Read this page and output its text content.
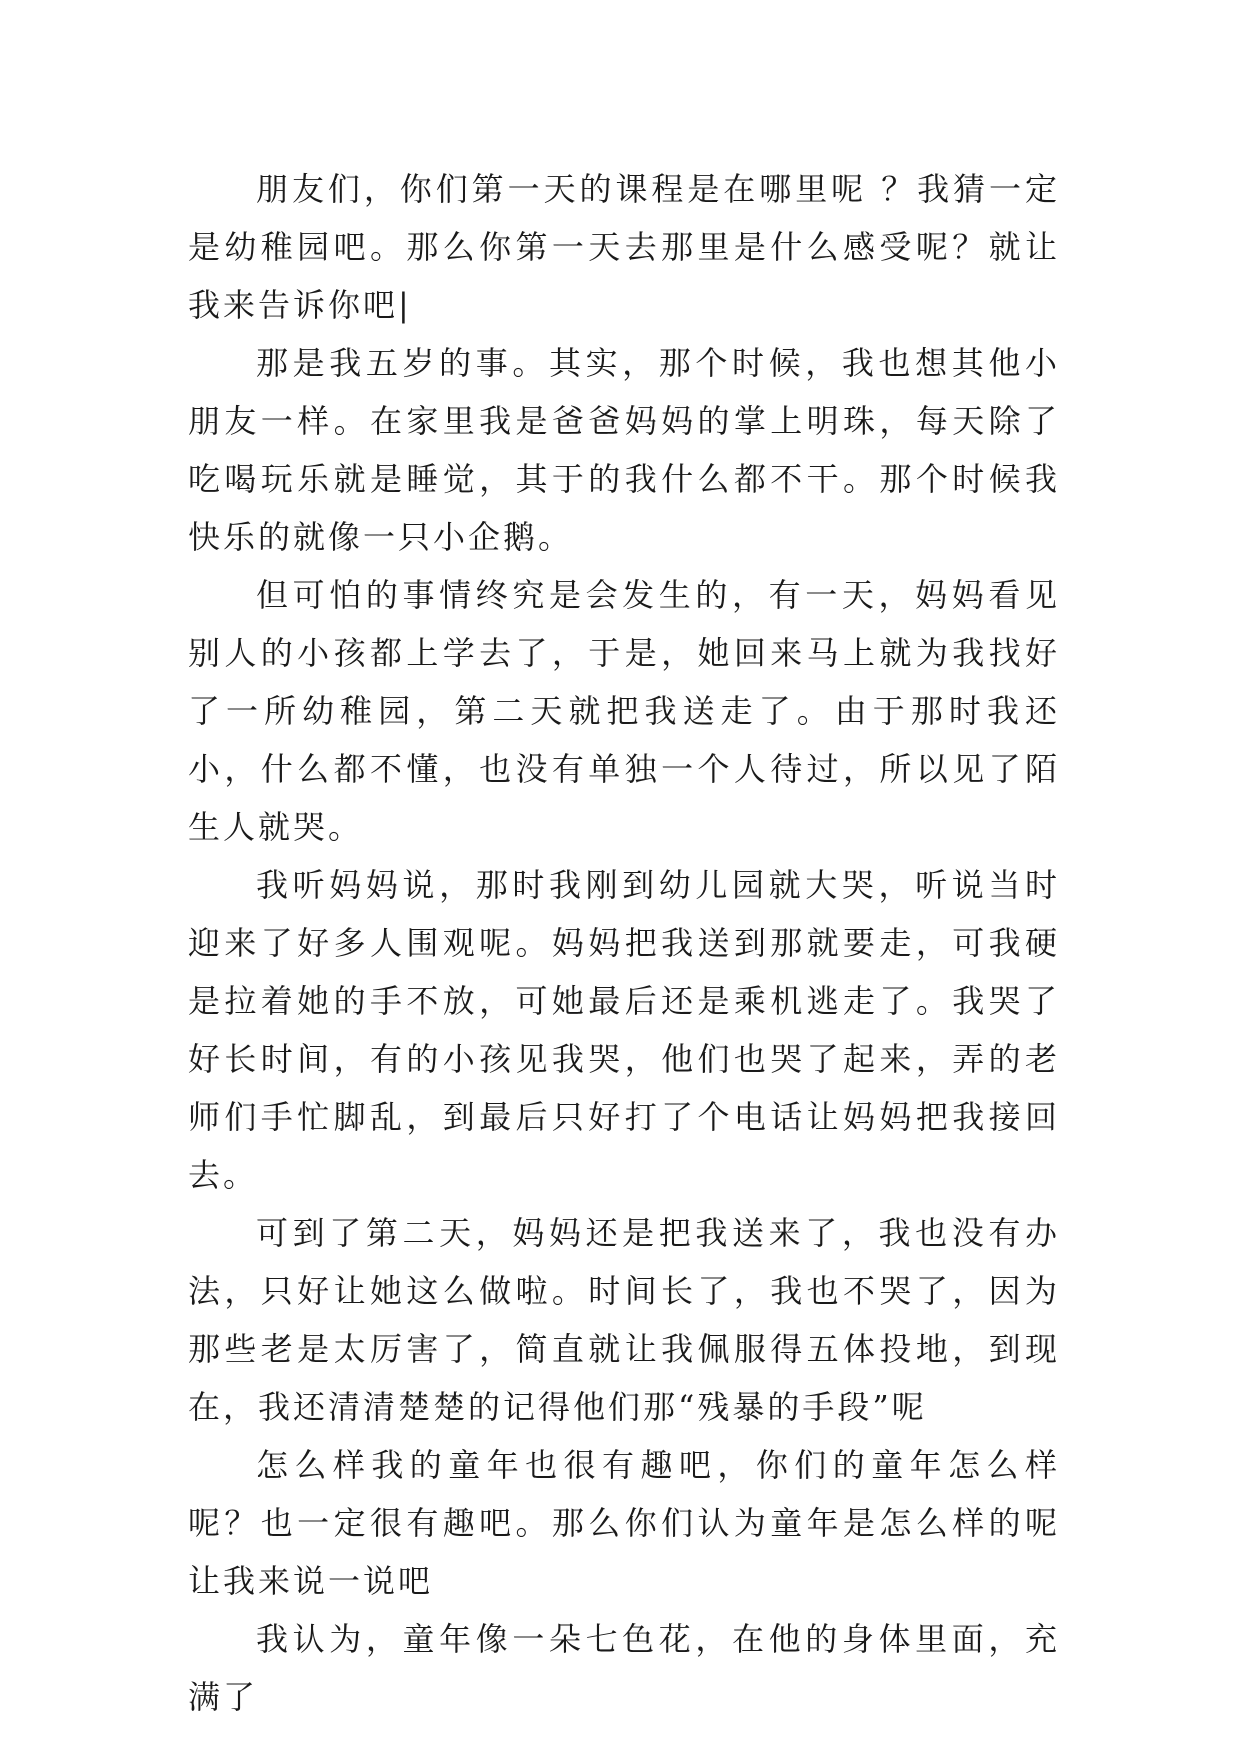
朋友们，你们第一天的课程是在哪里呢 ？我猜一定是幼稚园吧。那么你第一天去那里是什么感受呢？就让我来告诉你吧|

那是我五岁的事。其实，那个时候，我也想其他小朋友一样。在家里我是爸爸妈妈的掌上明珠，每天除了吃喝玩乐就是睡觉，其于的我什么都不干。那个时候我快乐的就像一只小企鹅。

但可怕的事情终究是会发生的，有一天，妈妈看见别人的小孩都上学去了，于是，她回来马上就为我找好了一所幼稚园，第二天就把我送走了。由于那时我还小，什么都不懂，也没有单独一个人待过，所以见了陌生人就哭。

我听妈妈说，那时我刚到幼儿园就大哭，听说当时迎来了好多人围观呢。妈妈把我送到那就要走，可我硬是拉着她的手不放，可她最后还是乘机逃走了。我哭了好长时间，有的小孩见我哭，他们也哭了起来，弄的老师们手忙脚乱，到最后只好打了个电话让妈妈把我接回去。

可到了第二天，妈妈还是把我送来了，我也没有办法，只好让她这么做啦。时间长了，我也不哭了，因为那些老是太厉害了，简直就让我佩服得五体投地，到现在，我还清清楚楚的记得他们那“残暴的手段”呢

怎么样我的童年也很有趣吧，你们的童年怎么样呢？也一定很有趣吧。那么你们认为童年是怎么样的呢让我来说一说吧

我认为，童年像一朵七色花，在他的身体里面，充满了
